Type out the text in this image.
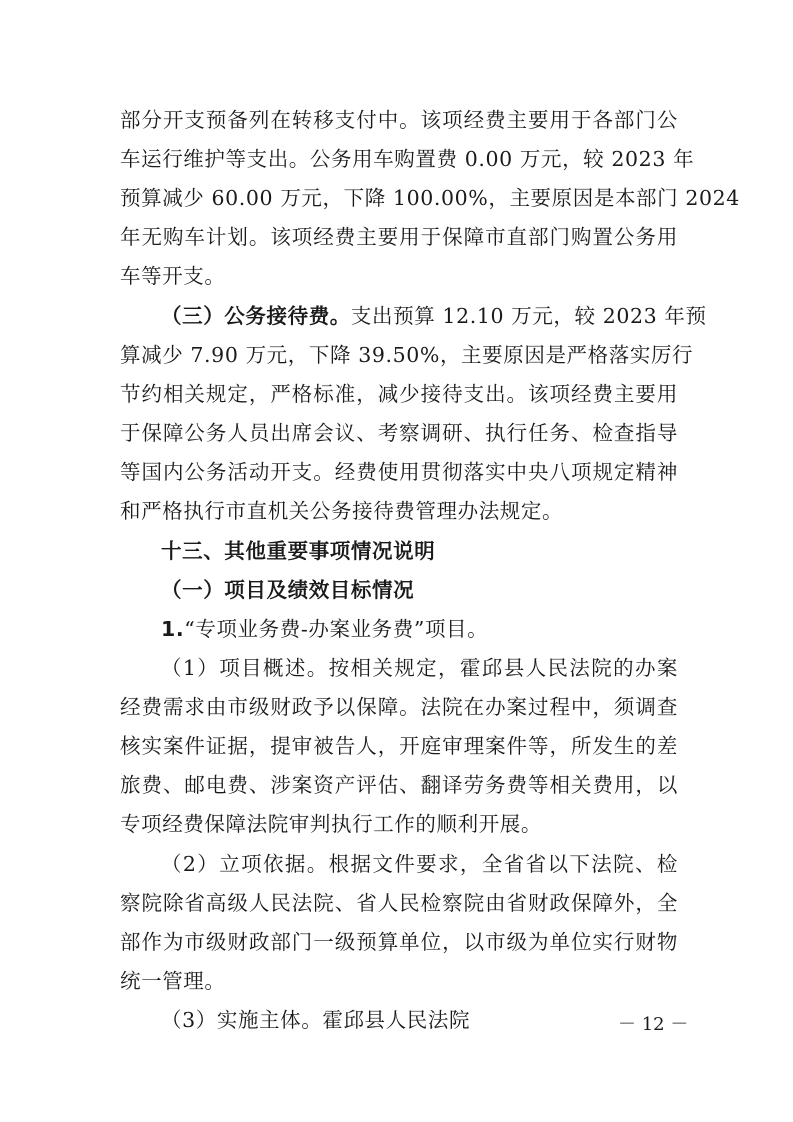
部分开支预备列在转移支付中。该项经费主要用于各部门公
车运行维护等支出。公务用车购置费 0.00 万元，较 2023 年
预算减少 60.00 万元，下降 100.00%，主要原因是本部门 2024
年无购车计划。该项经费主要用于保障市直部门购置公务用
车等开支。
（三）公务接待费。支出预算 12.10 万元，较 2023 年预
算减少 7.90 万元，下降 39.50%，主要原因是严格落实厉行
节约相关规定，严格标准，减少接待支出。该项经费主要用
于保障公务人员出席会议、考察调研、执行任务、检查指导
等国内公务活动开支。经费使用贯彻落实中央八项规定精神
和严格执行市直机关公务接待费管理办法规定。
十三、其他重要事项情况说明
（一）项目及绩效目标情况
1.“专项业务费-办案业务费”项目。
（1）项目概述。按相关规定，霍邱县人民法院的办案
经费需求由市级财政予以保障。法院在办案过程中，须调查
核实案件证据，提审被告人，开庭审理案件等，所发生的差
旅费、邮电费、涉案资产评估、翻译劳务费等相关费用，以
专项经费保障法院审判执行工作的顺利开展。
（2）立项依据。根据文件要求，全省省以下法院、检
察院除省高级人民法院、省人民检察院由省财政保障外，全
部作为市级财政部门一级预算单位，以市级为单位实行财物
统一管理。
（3）实施主体。霍邱县人民法院	－ 12 －
